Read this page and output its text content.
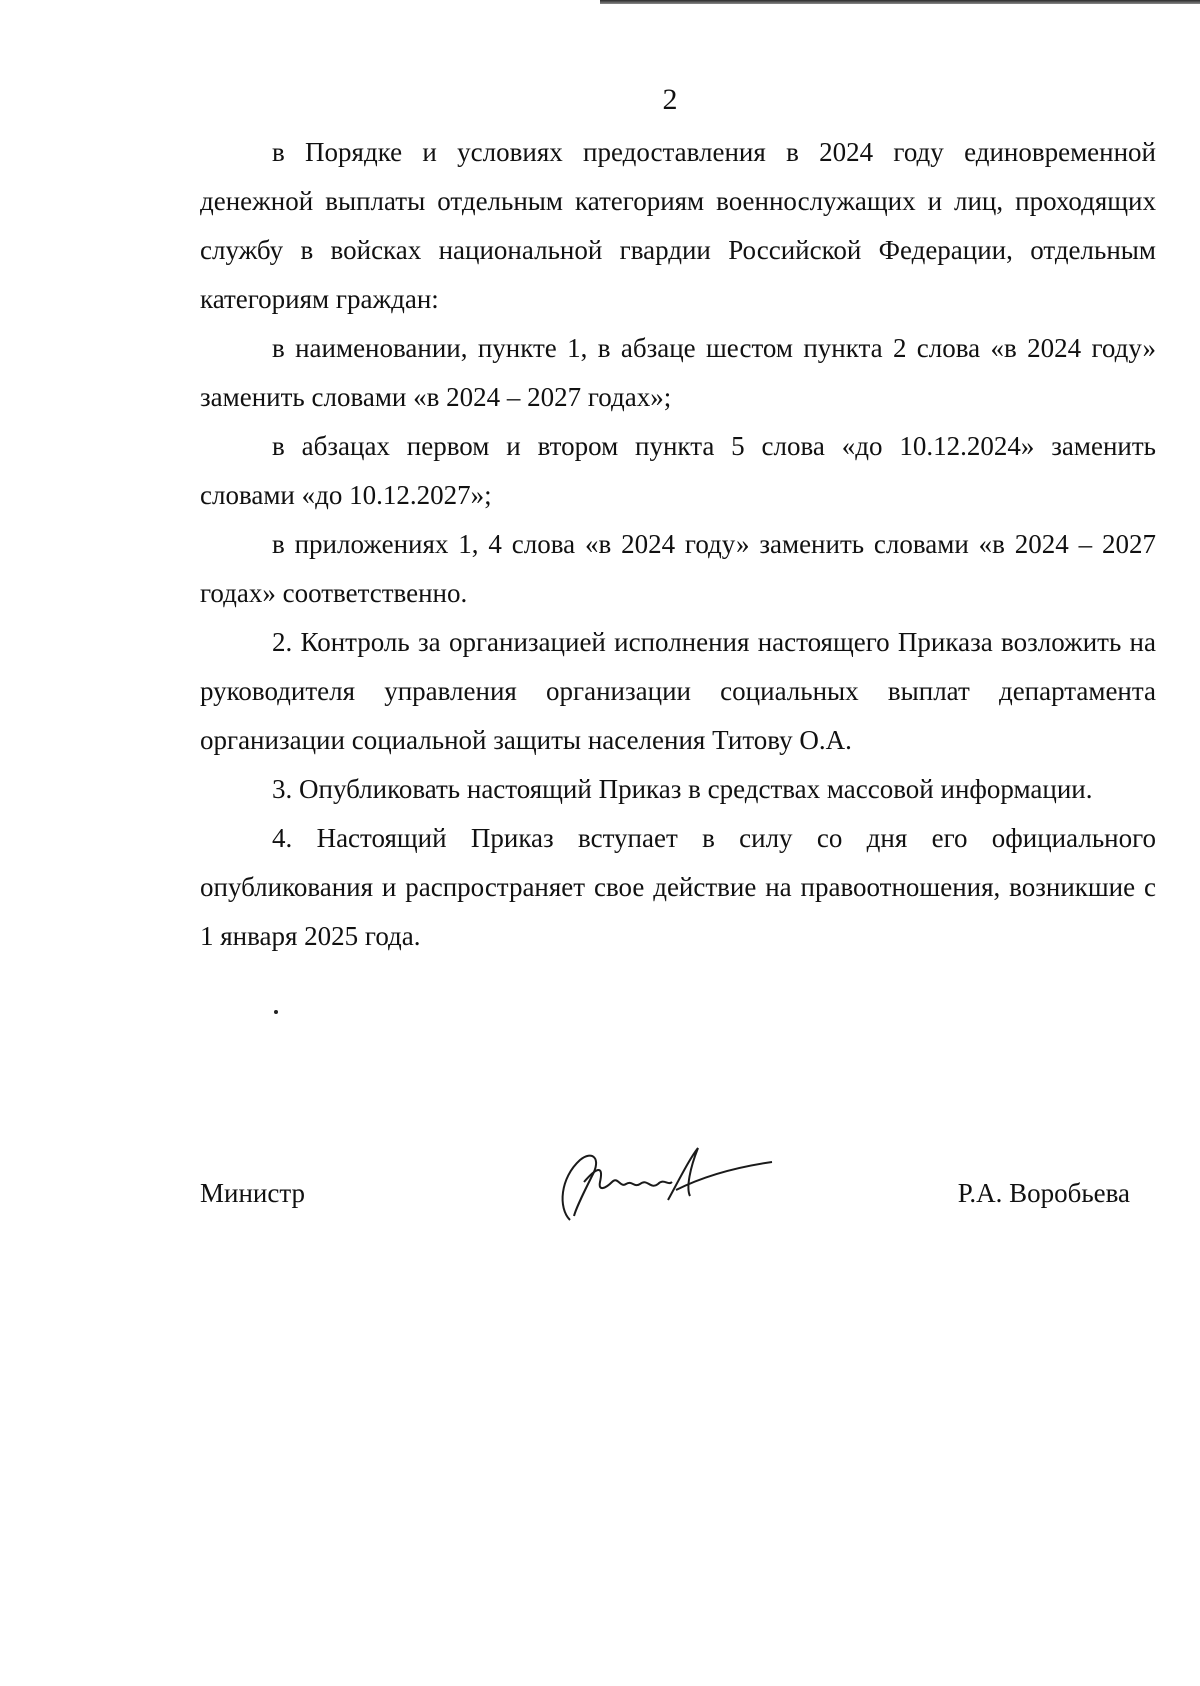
2

в Порядке и условиях предоставления в 2024 году единовременной денежной выплаты отдельным категориям военнослужащих и лиц, проходящих службу в войсках национальной гвардии Российской Федерации, отдельным категориям граждан:

в наименовании, пункте 1, в абзаце шестом пункта 2 слова «в 2024 году» заменить словами «в 2024 – 2027 годах»;

в абзацах первом и втором пункта 5 слова «до 10.12.2024» заменить словами «до 10.12.2027»;

в приложениях 1, 4 слова «в 2024 году» заменить словами «в 2024 – 2027 годах» соответственно.

2. Контроль за организацией исполнения настоящего Приказа возложить на руководителя управления организации социальных выплат департамента организации социальной защиты населения Титову О.А.

3. Опубликовать настоящий Приказ в средствах массовой информации.

4. Настоящий Приказ вступает в силу со дня его официального опубликования и распространяет свое действие на правоотношения, возникшие с 1 января 2025 года.

Министр	Р.А. Воробьева
